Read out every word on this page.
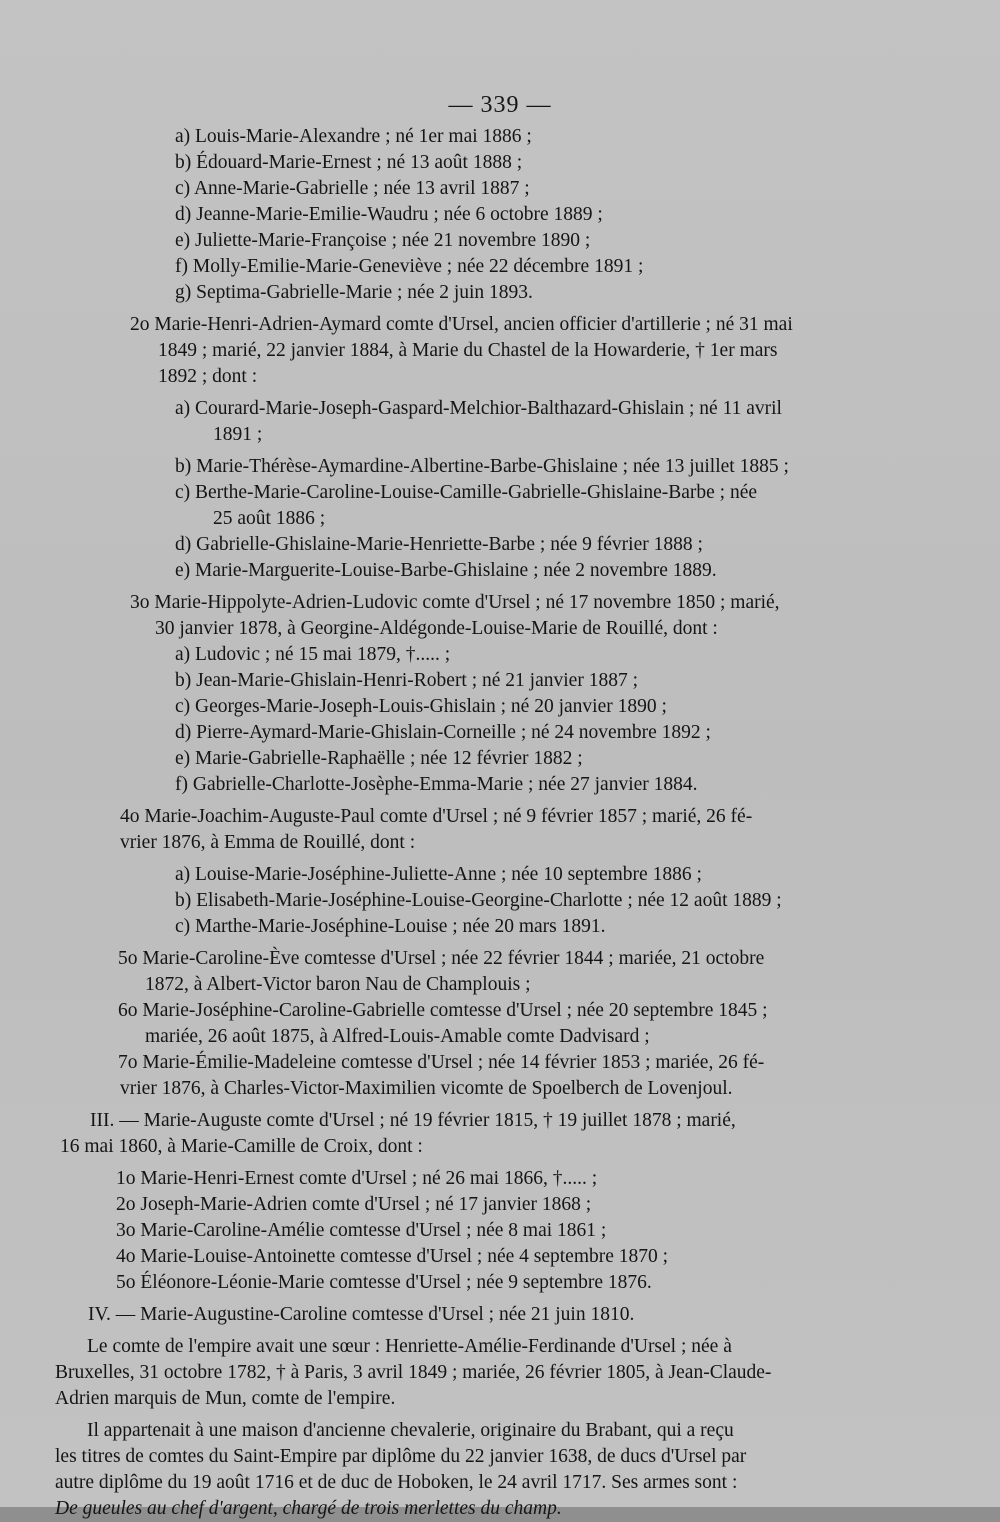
— 339 —
a) Louis-Marie-Alexandre ; né 1er mai 1886 ;
b) Édouard-Marie-Ernest ; né 13 août 1888 ;
c) Anne-Marie-Gabrielle ; née 13 avril 1887 ;
d) Jeanne-Marie-Emilie-Waudru ; née 6 octobre 1889 ;
e) Juliette-Marie-Françoise ; née 21 novembre 1890 ;
f) Molly-Emilie-Marie-Geneviève ; née 22 décembre 1891 ;
g) Septima-Gabrielle-Marie ; née 2 juin 1893.
2o Marie-Henri-Adrien-Aymard comte d'Ursel, ancien officier d'artillerie ; né 31 mai
1849 ; marié, 22 janvier 1884, à Marie du Chastel de la Howarderie, † 1er mars
1892 ; dont :
a) Courard-Marie-Joseph-Gaspard-Melchior-Balthazard-Ghislain ; né 11 avril
1891 ;
b) Marie-Thérèse-Aymardine-Albertine-Barbe-Ghislaine ; née 13 juillet 1885 ;
c) Berthe-Marie-Caroline-Louise-Camille-Gabrielle-Ghislaine-Barbe ; née
25 août 1886 ;
d) Gabrielle-Ghislaine-Marie-Henriette-Barbe ; née 9 février 1888 ;
e) Marie-Marguerite-Louise-Barbe-Ghislaine ; née 2 novembre 1889.
3o Marie-Hippolyte-Adrien-Ludovic comte d'Ursel ; né 17 novembre 1850 ; marié,
30 janvier 1878, à Georgine-Aldégonde-Louise-Marie de Rouillé, dont :
a) Ludovic ; né 15 mai 1879, †..... ;
b) Jean-Marie-Ghislain-Henri-Robert ; né 21 janvier 1887 ;
c) Georges-Marie-Joseph-Louis-Ghislain ; né 20 janvier 1890 ;
d) Pierre-Aymard-Marie-Ghislain-Corneille ; né 24 novembre 1892 ;
e) Marie-Gabrielle-Raphaëlle ; née 12 février 1882 ;
f) Gabrielle-Charlotte-Josèphe-Emma-Marie ; née 27 janvier 1884.
4o Marie-Joachim-Auguste-Paul comte d'Ursel ; né 9 février 1857 ; marié, 26 fé-
vrier 1876, à Emma de Rouillé, dont :
a) Louise-Marie-Joséphine-Juliette-Anne ; née 10 septembre 1886 ;
b) Elisabeth-Marie-Joséphine-Louise-Georgine-Charlotte ; née 12 août 1889 ;
c) Marthe-Marie-Joséphine-Louise ; née 20 mars 1891.
5o Marie-Caroline-Ève comtesse d'Ursel ; née 22 février 1844 ; mariée, 21 octobre
1872, à Albert-Victor baron Nau de Champlouis ;
6o Marie-Joséphine-Caroline-Gabrielle comtesse d'Ursel ; née 20 septembre 1845 ;
mariée, 26 août 1875, à Alfred-Louis-Amable comte Dadvisard ;
7o Marie-Émilie-Madeleine comtesse d'Ursel ; née 14 février 1853 ; mariée, 26 fé-
vrier 1876, à Charles-Victor-Maximilien vicomte de Spoelberch de Lovenjoul.
III. — Marie-Auguste comte d'Ursel ; né 19 février 1815, † 19 juillet 1878 ; marié,
16 mai 1860, à Marie-Camille de Croix, dont :
1o Marie-Henri-Ernest comte d'Ursel ; né 26 mai 1866, †..... ;
2o Joseph-Marie-Adrien comte d'Ursel ; né 17 janvier 1868 ;
3o Marie-Caroline-Amélie comtesse d'Ursel ; née 8 mai 1861 ;
4o Marie-Louise-Antoinette comtesse d'Ursel ; née 4 septembre 1870 ;
5o Éléonore-Léonie-Marie comtesse d'Ursel ; née 9 septembre 1876.
IV. — Marie-Augustine-Caroline comtesse d'Ursel ; née 21 juin 1810.
Le comte de l'empire avait une sœur : Henriette-Amélie-Ferdinande d'Ursel ; née à
Bruxelles, 31 octobre 1782, † à Paris, 3 avril 1849 ; mariée, 26 février 1805, à Jean-Claude-
Adrien marquis de Mun, comte de l'empire.
Il appartenait à une maison d'ancienne chevalerie, originaire du Brabant, qui a reçu
les titres de comtes du Saint-Empire par diplôme du 22 janvier 1638, de ducs d'Ursel par
autre diplôme du 19 août 1716 et de duc de Hoboken, le 24 avril 1717. Ses armes sont :
De gueules au chef d'argent, chargé de trois merlettes du champ.
